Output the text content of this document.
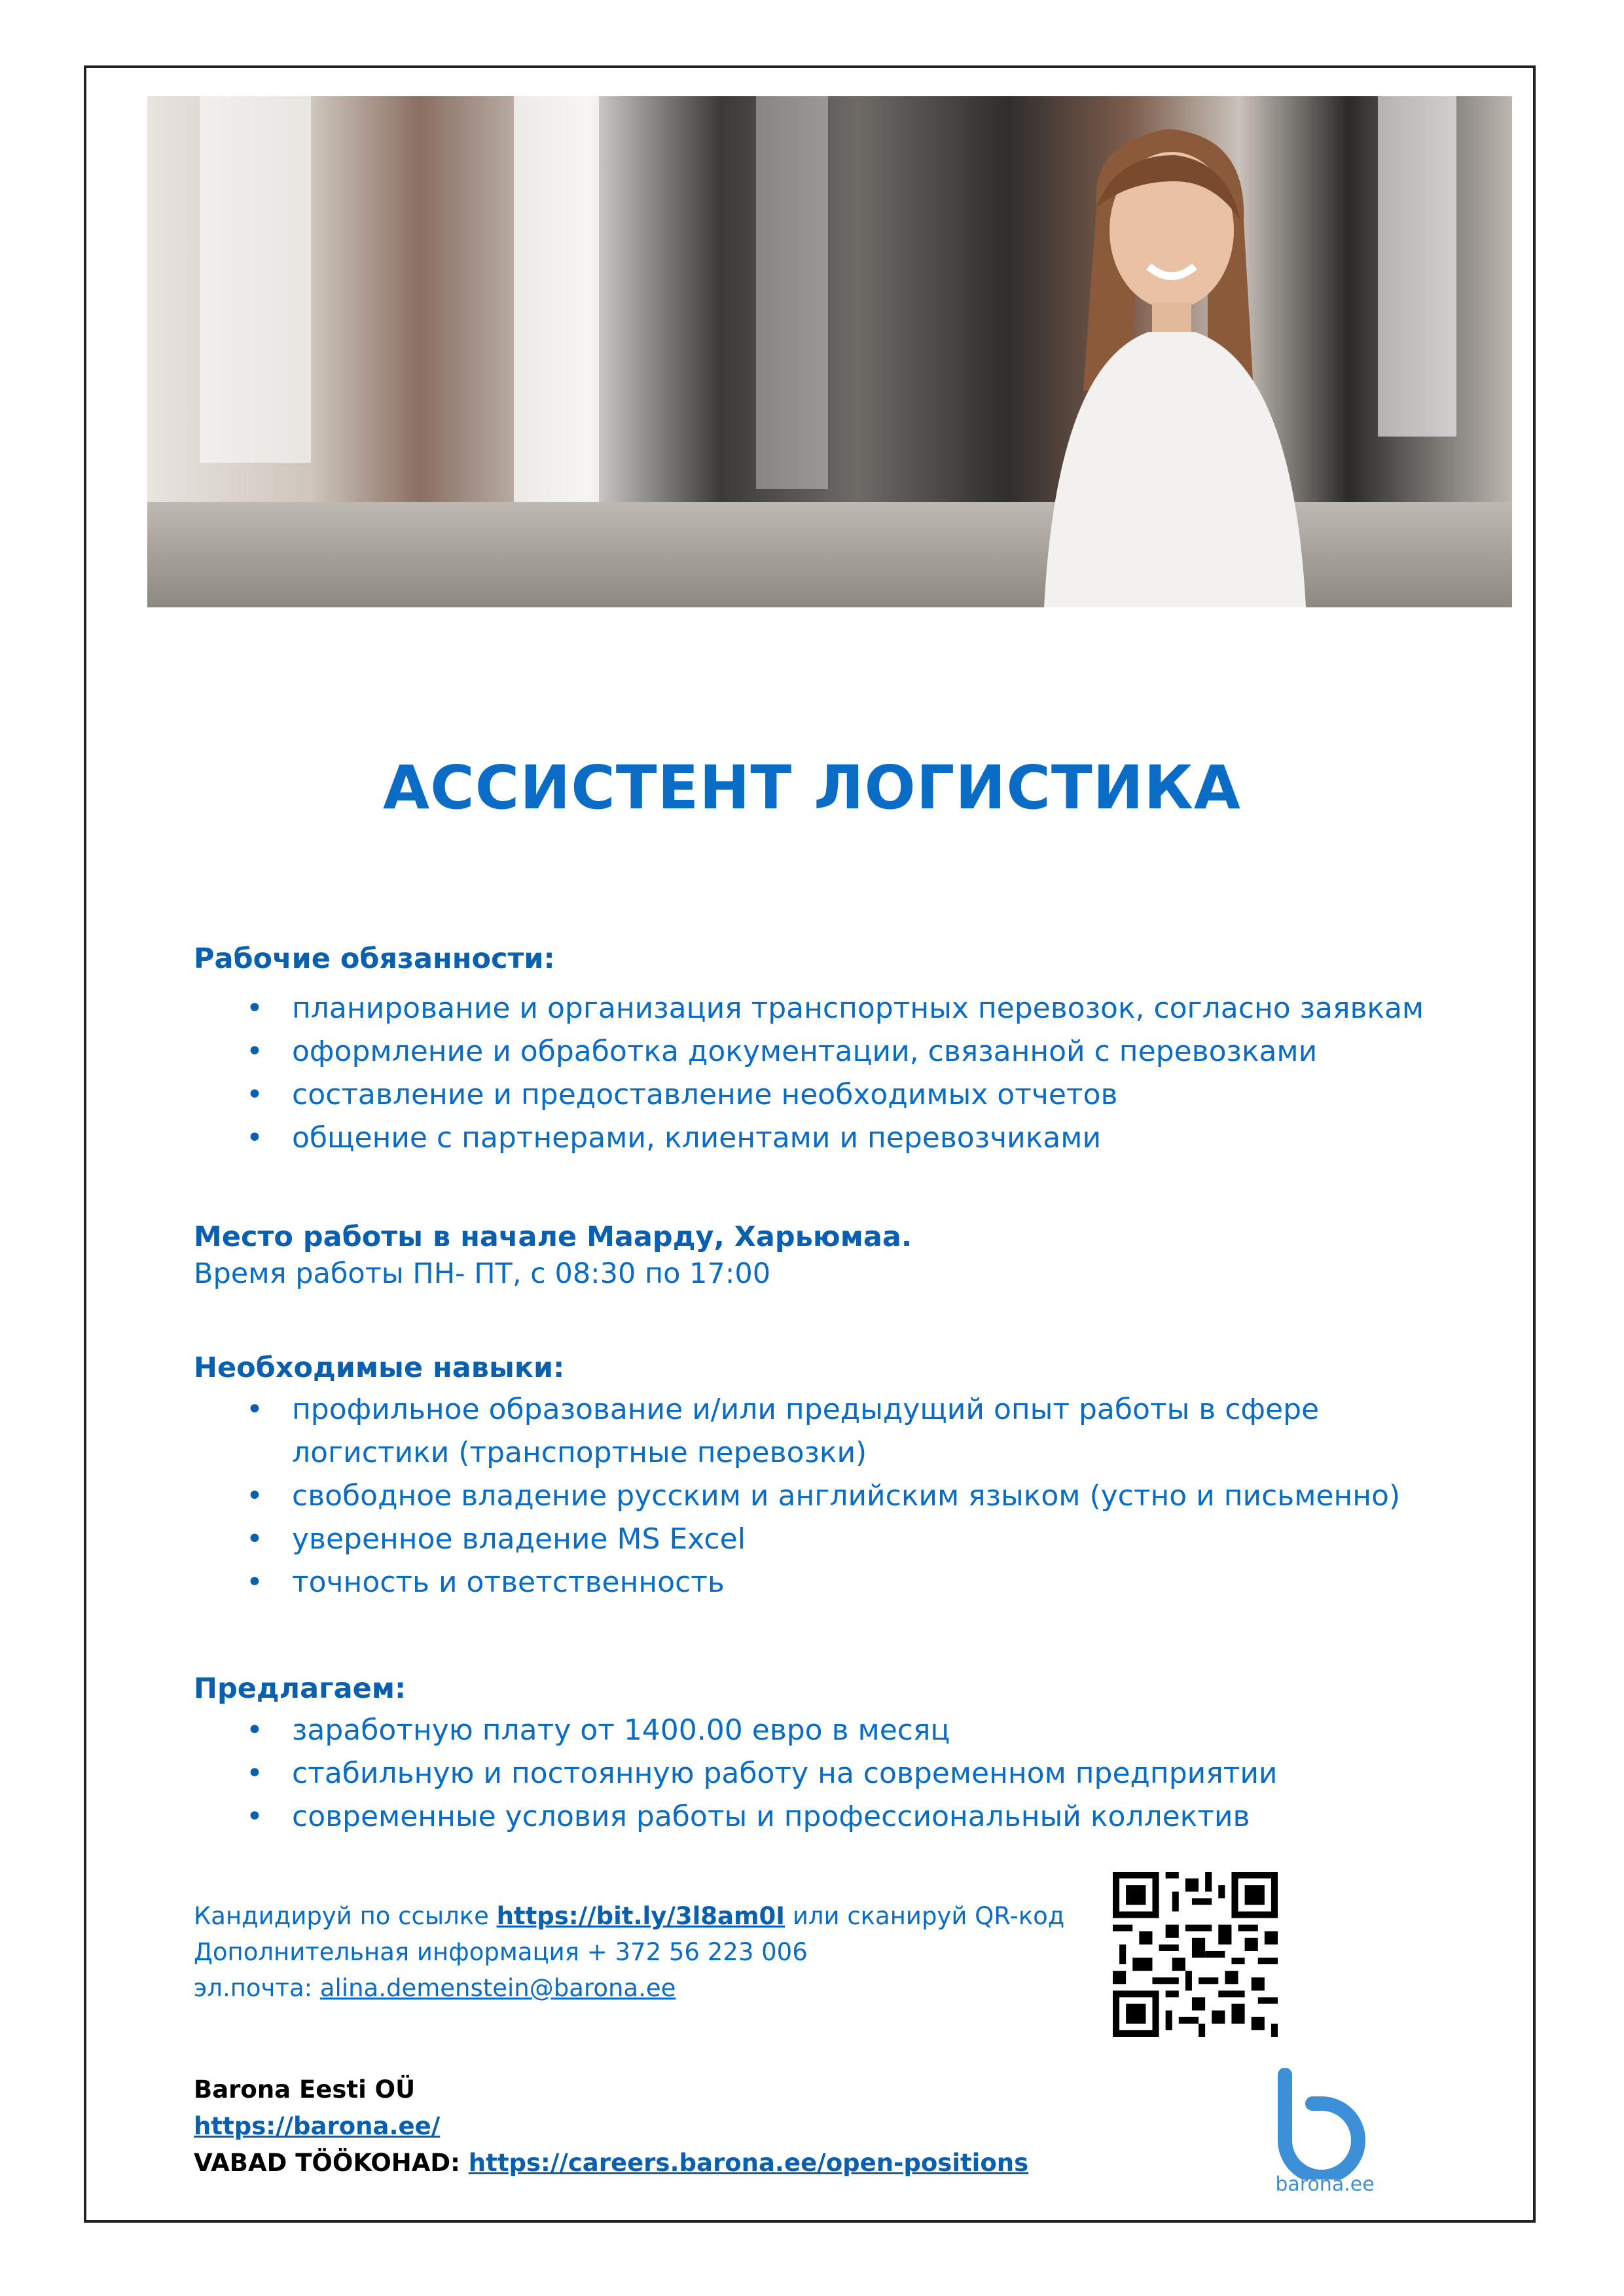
АССИСТЕНТ ЛОГИСТИКА
Рабочие обязанности:
• планирование и организация транспортных перевозок, согласно заявкам
• оформление и обработка документации, связанной с перевозками
• составление и предоставление необходимых отчетов
• общение с партнерами, клиентами и перевозчиками
Место работы в начале Маарду, Харьюмаа.
Время работы ПН- ПТ, с 08:30 по 17:00
Необходимые навыки:
• профильное образование и/или предыдущий опыт работы в сфере логистики (транспортные перевозки)
• свободное владение русским и английским языком (устно и письменно)
• уверенное владение MS Excel
• точность и ответственность
Предлагаем:
• заработную плату от 1400.00 евро в месяц
• стабильную и постоянную работу на современном предприятии
• современные условия работы и профессиональный коллектив
Кандидируй по ссылке https://bit.ly/3l8am0I или сканируй QR-код
Дополнительная информация + 372 56 223 006
эл.почта: alina.demenstein@barona.ee
Barona Eesti OÜ
https://barona.ee/
VABAD TÖÖKOHAD: https://careers.barona.ee/open-positions
barona.ee
